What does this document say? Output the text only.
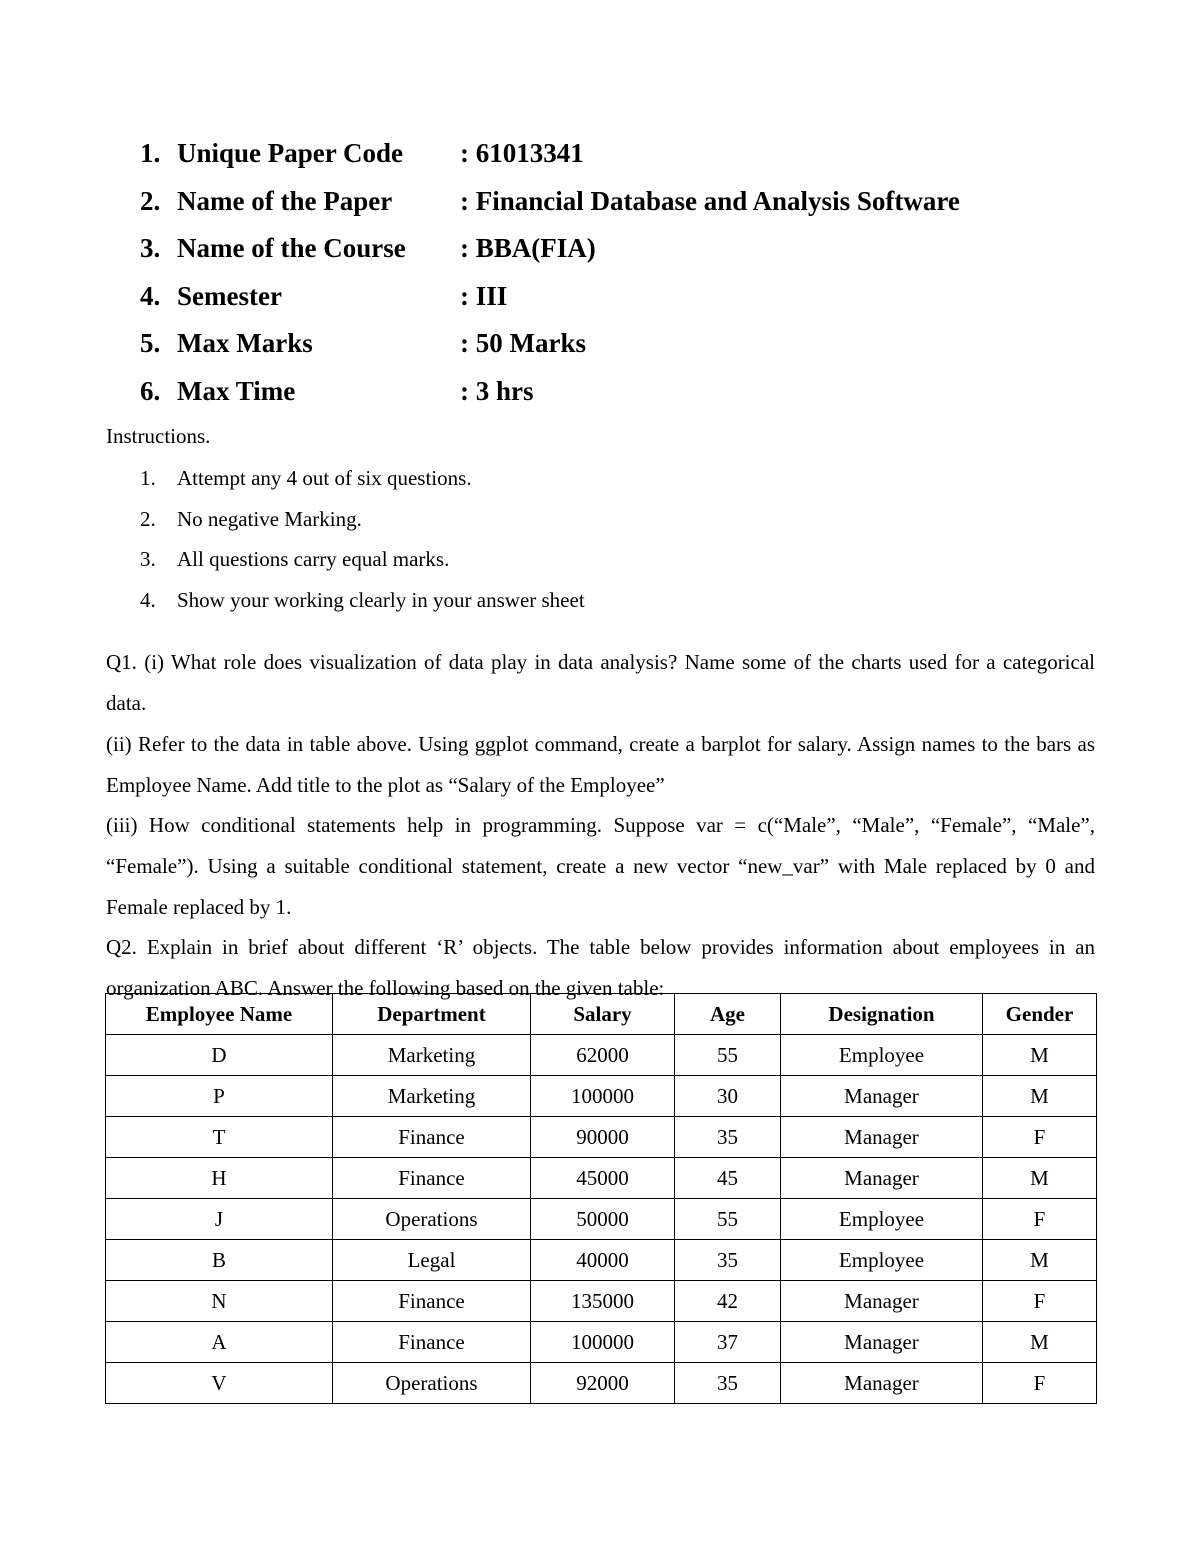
1. Unique Paper Code	: 61013341
2. Name of the Paper	: Financial Database and Analysis Software
3. Name of the Course	: BBA(FIA)
4. Semester	: III
5. Max Marks	: 50 Marks
6. Max Time	: 3 hrs
Instructions.
1.	Attempt any 4 out of six questions.
2.	No negative Marking.
3.	All questions carry equal marks.
4.	Show your working clearly in your answer sheet

Q1. (i) What role does visualization of data play in data analysis? Name some of the charts used for a categorical data.

(ii) Refer to the data in table above. Using ggplot command, create a barplot for salary. Assign names to the bars as Employee Name. Add title to the plot as “Salary of the Employee”

(iii) How conditional statements help in programming. Suppose var = c(“Male”, “Male”, “Female”, “Male”, “Female”). Using a suitable conditional statement, create a new vector “new_var” with Male replaced by 0 and Female replaced by 1.

Q2. Explain in brief about different ‘R’ objects. The table below provides information about employees in an organization ABC. Answer the following based on the given table:

Employee Name	Department	Salary	Age	Designation	Gender
D	Marketing	62000	55	Employee	M
P	Marketing	100000	30	Manager	M
T	Finance	90000	35	Manager	F
H	Finance	45000	45	Manager	M
J	Operations	50000	55	Employee	F
B	Legal	40000	35	Employee	M
N	Finance	135000	42	Manager	F
A	Finance	100000	37	Manager	M
V	Operations	92000	35	Manager	F
